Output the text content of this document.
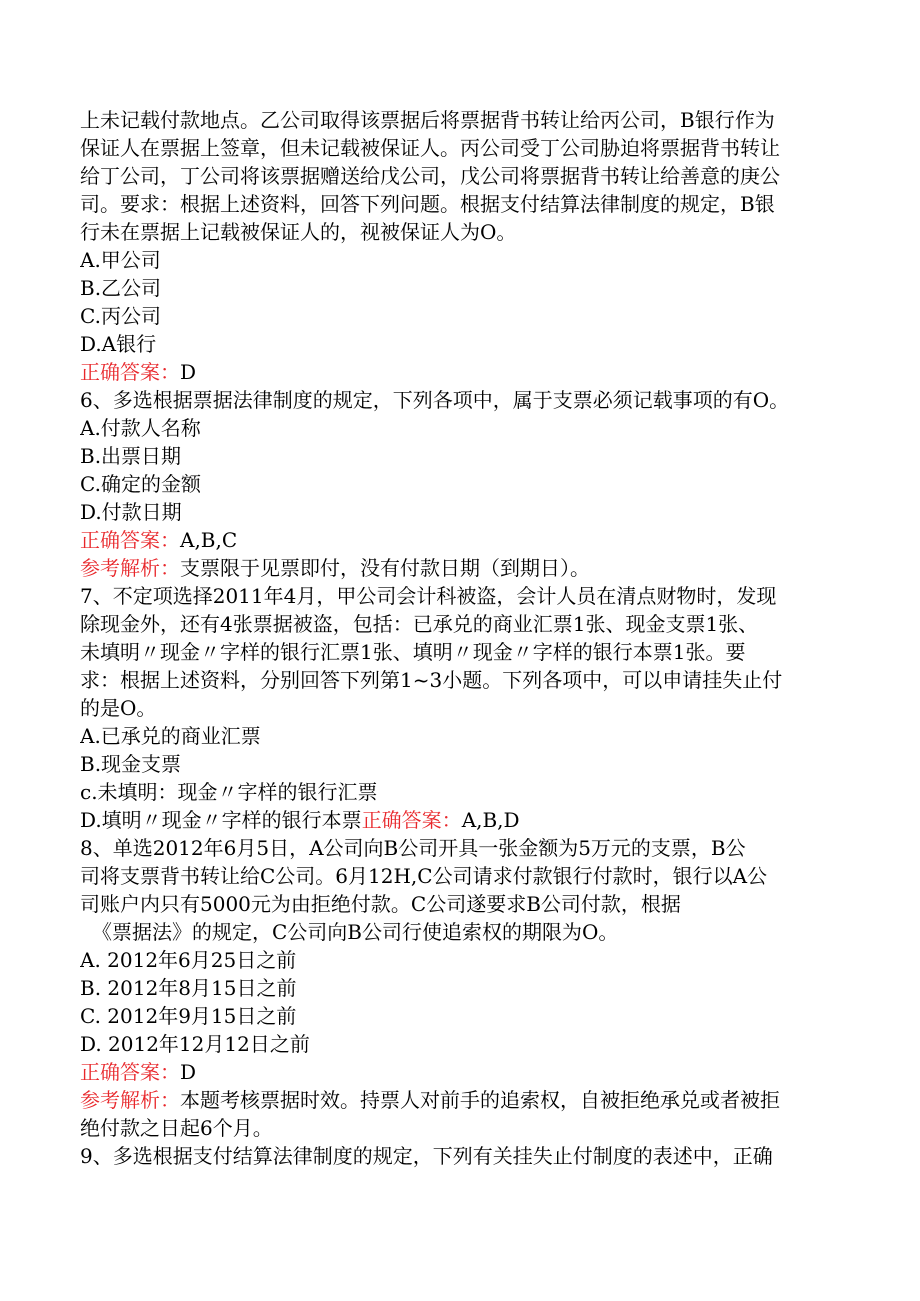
上未记载付款地点。乙公司取得该票据后将票据背书转让给丙公司，B银行作为
保证人在票据上签章，但未记载被保证人。丙公司受丁公司胁迫将票据背书转让
给丁公司，丁公司将该票据赠送给戊公司，戊公司将票据背书转让给善意的庚公
司。要求：根据上述资料，回答下列问题。根据支付结算法律制度的规定，B银
行未在票据上记载被保证人的，视被保证人为O。
A.甲公司
B.乙公司
C.丙公司
D.A银行
正确答案：D
6、多选根据票据法律制度的规定，下列各项中，属于支票必须记载事项的有O。
A.付款人名称
B.出票日期
C.确定的金额
D.付款日期
正确答案：A,B,C
参考解析：支票限于见票即付，没有付款日期（到期日）。
7、不定项选择2011年4月，甲公司会计科被盗，会计人员在清点财物时，发现
除现金外，还有4张票据被盗，包括：已承兑的商业汇票1张、现金支票1张、
未填明〃现金〃字样的银行汇票1张、填明〃现金〃字样的银行本票1张。要
求：根据上述资料，分别回答下列第1~3小题。下列各项中，可以申请挂失止付
的是O。
A.已承兑的商业汇票
B.现金支票
c.未填明：现金〃字样的银行汇票
D.填明〃现金〃字样的银行本票正确答案：A,B,D
8、单选2012年6月5日，A公司向B公司开具一张金额为5万元的支票，B公
司将支票背书转让给C公司。6月12H,C公司请求付款银行付款时，银行以A公
司账户内只有5000元为由拒绝付款。C公司遂要求B公司付款，根据
《票据法》的规定，C公司向B公司行使追索权的期限为O。
A. 2012年6月25日之前
B. 2012年8月15日之前
C. 2012年9月15日之前
D. 2012年12月12日之前
正确答案：D
参考解析：本题考核票据时效。持票人对前手的追索权，自被拒绝承兑或者被拒
绝付款之日起6个月。
9、多选根据支付结算法律制度的规定，下列有关挂失止付制度的表述中，正确
